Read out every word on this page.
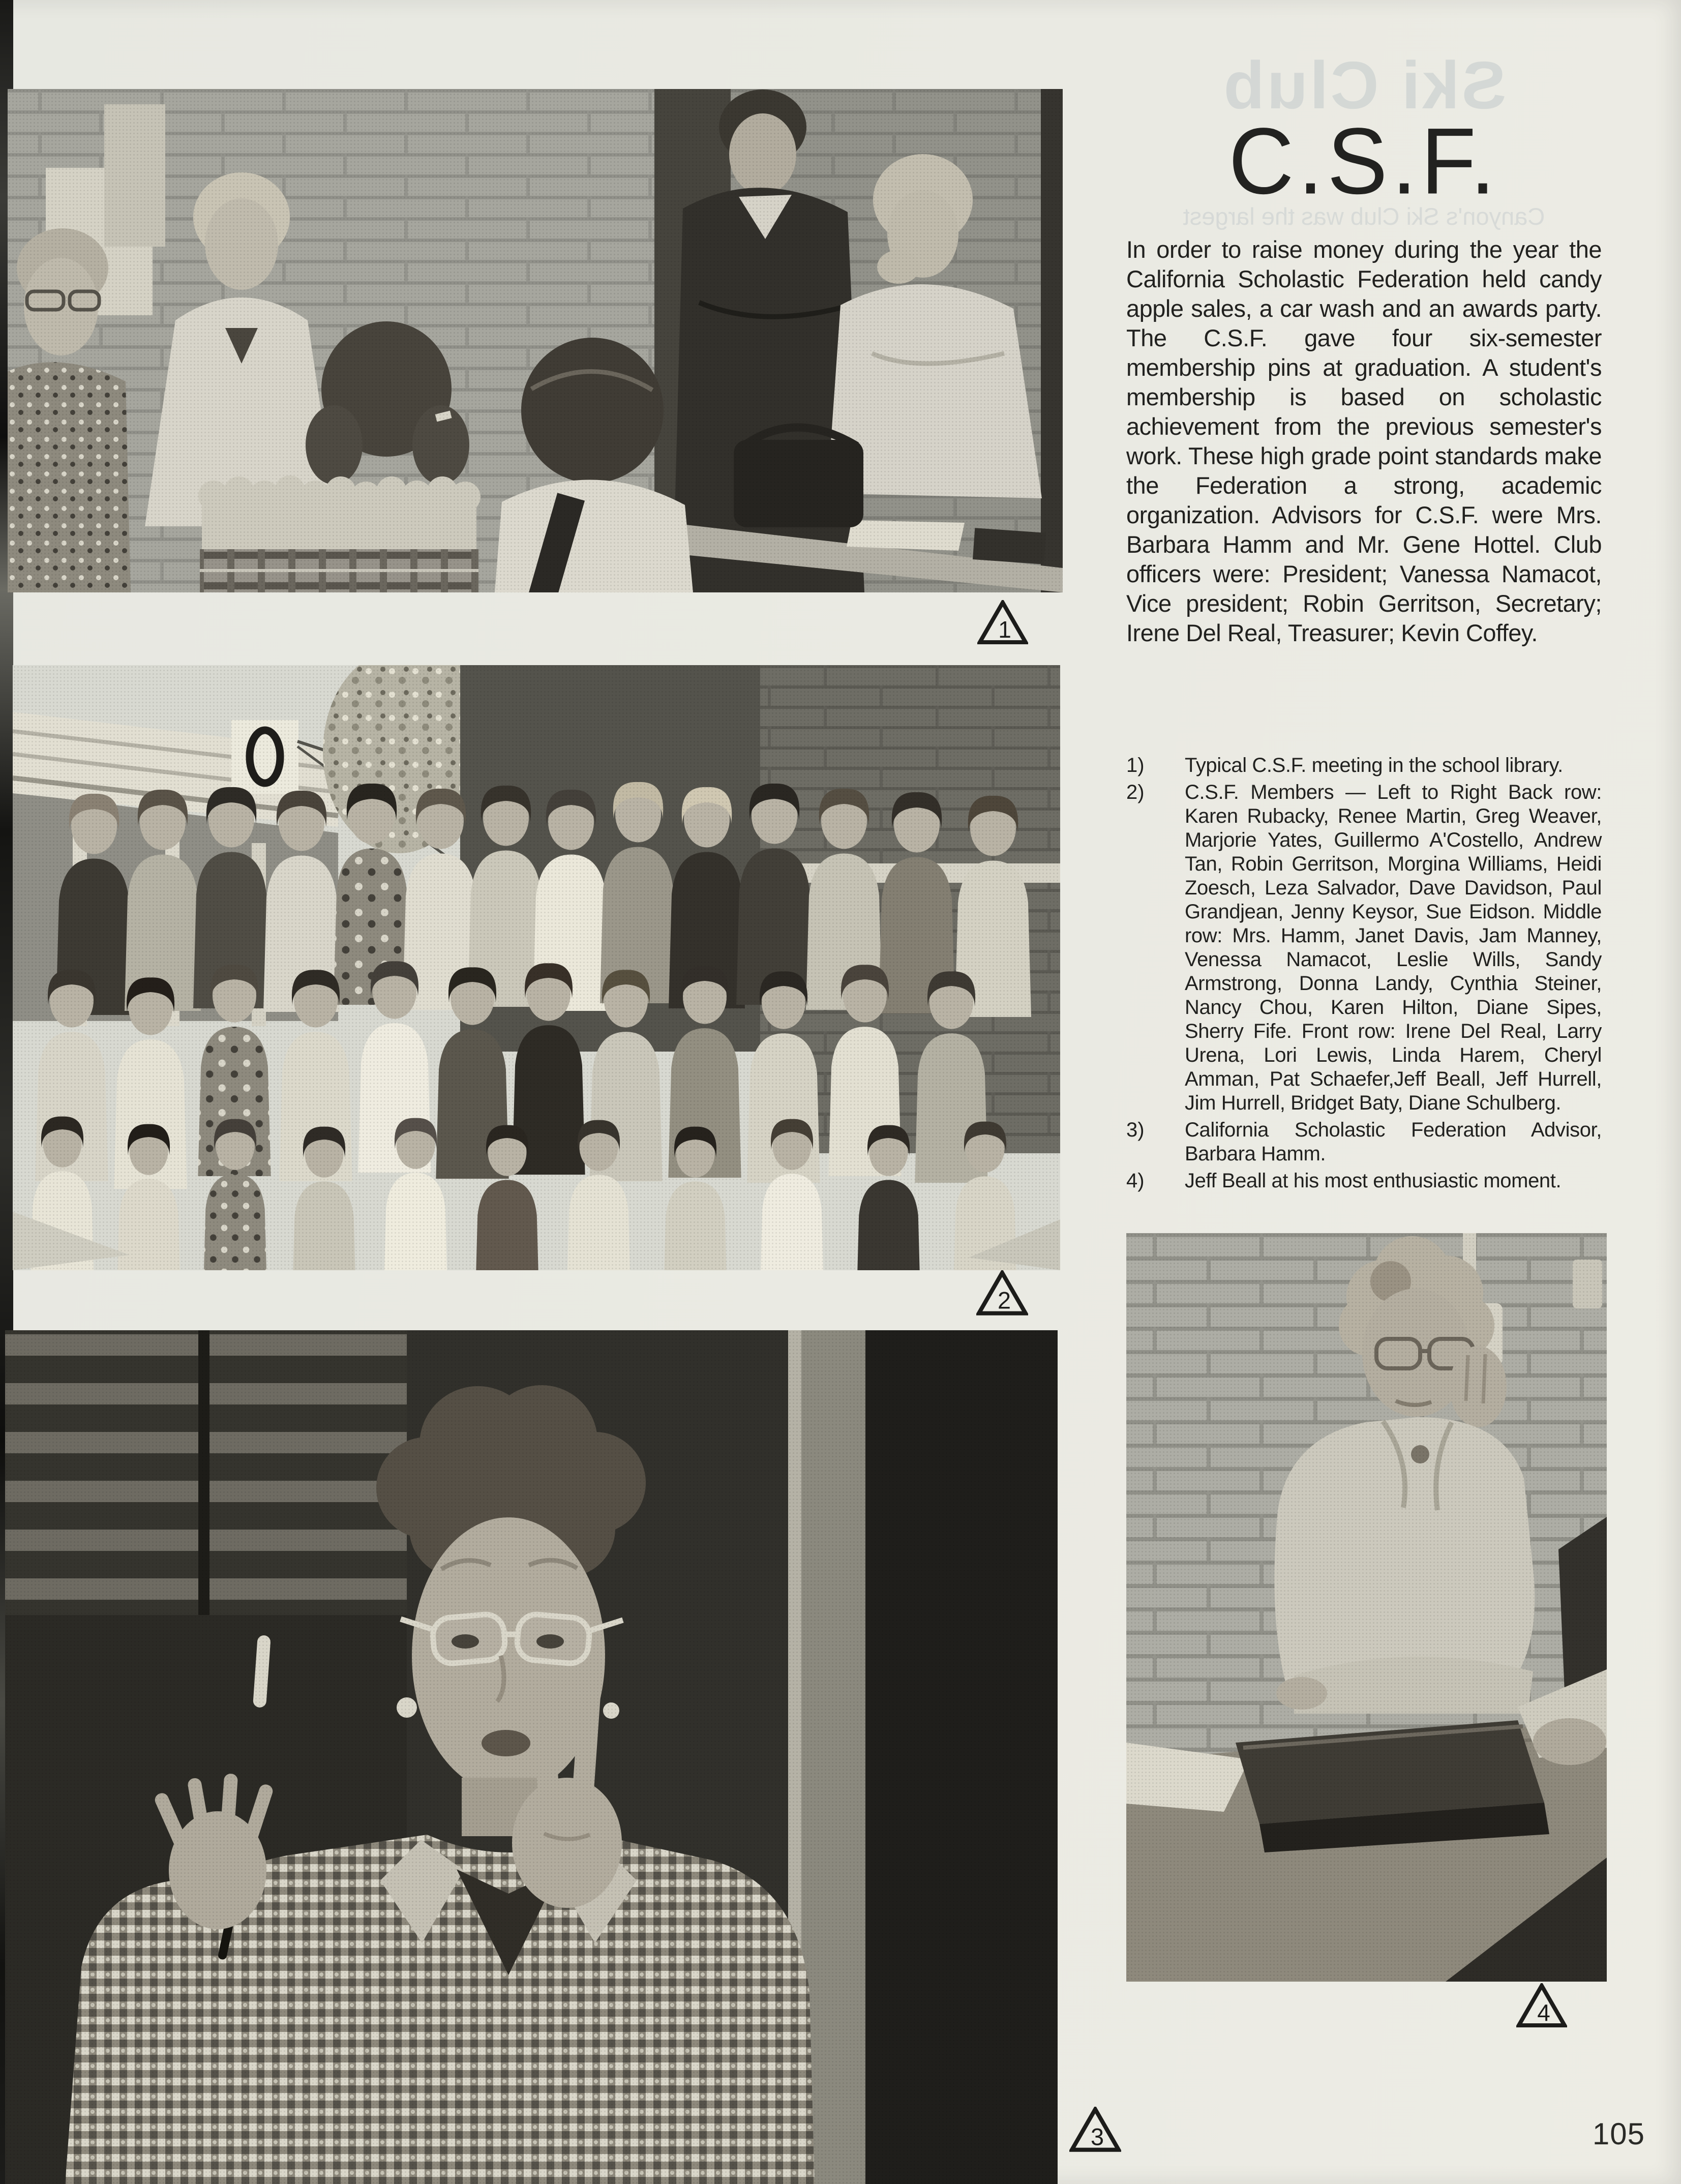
1
2
3
4
Ski Club
Canyon's Ski Club was the largest
C.S.F.

In order to raise money during the year the California Scholastic Federation held candy apple sales, a car wash and an awards party. The C.S.F. gave four six-semester membership pins at graduation. A student's membership is based on scholastic achievement from the previous semester's work. These high grade point standards make the Federation a strong, academic organization. Advisors for C.S.F. were Mrs. Barbara Hamm and Mr. Gene Hottel. Club officers were: President; Vanessa Namacot, Vice president; Robin Gerritson, Secretary; Irene Del Real, Treasurer; Kevin Coffey.

1)	Typical C.S.F. meeting in the school library.
2)	C.S.F. Members — Left to Right Back row: Karen Rubacky, Renee Martin, Greg Weaver, Marjorie Yates, Guillermo A'Costello, Andrew Tan, Robin Gerritson, Morgina Williams, Heidi Zoesch, Leza Salvador, Dave Davidson, Paul Grandjean, Jenny Keysor, Sue Eidson. Middle row: Mrs. Hamm, Janet Davis, Jam Manney, Venessa Namacot, Leslie Wills, Sandy Armstrong, Donna Landy, Cynthia Steiner, Nancy Chou, Karen Hilton, Diane Sipes, Sherry Fife. Front row: Irene Del Real, Larry Urena, Lori Lewis, Linda Harem, Cheryl Amman, Pat Schaefer,Jeff Beall, Jeff Hurrell, Jim Hurrell, Bridget Baty, Diane Schulberg.
3)	California Scholastic Federation Advisor, Barbara Hamm.
4)	Jeff Beall at his most enthusiastic moment.
105
